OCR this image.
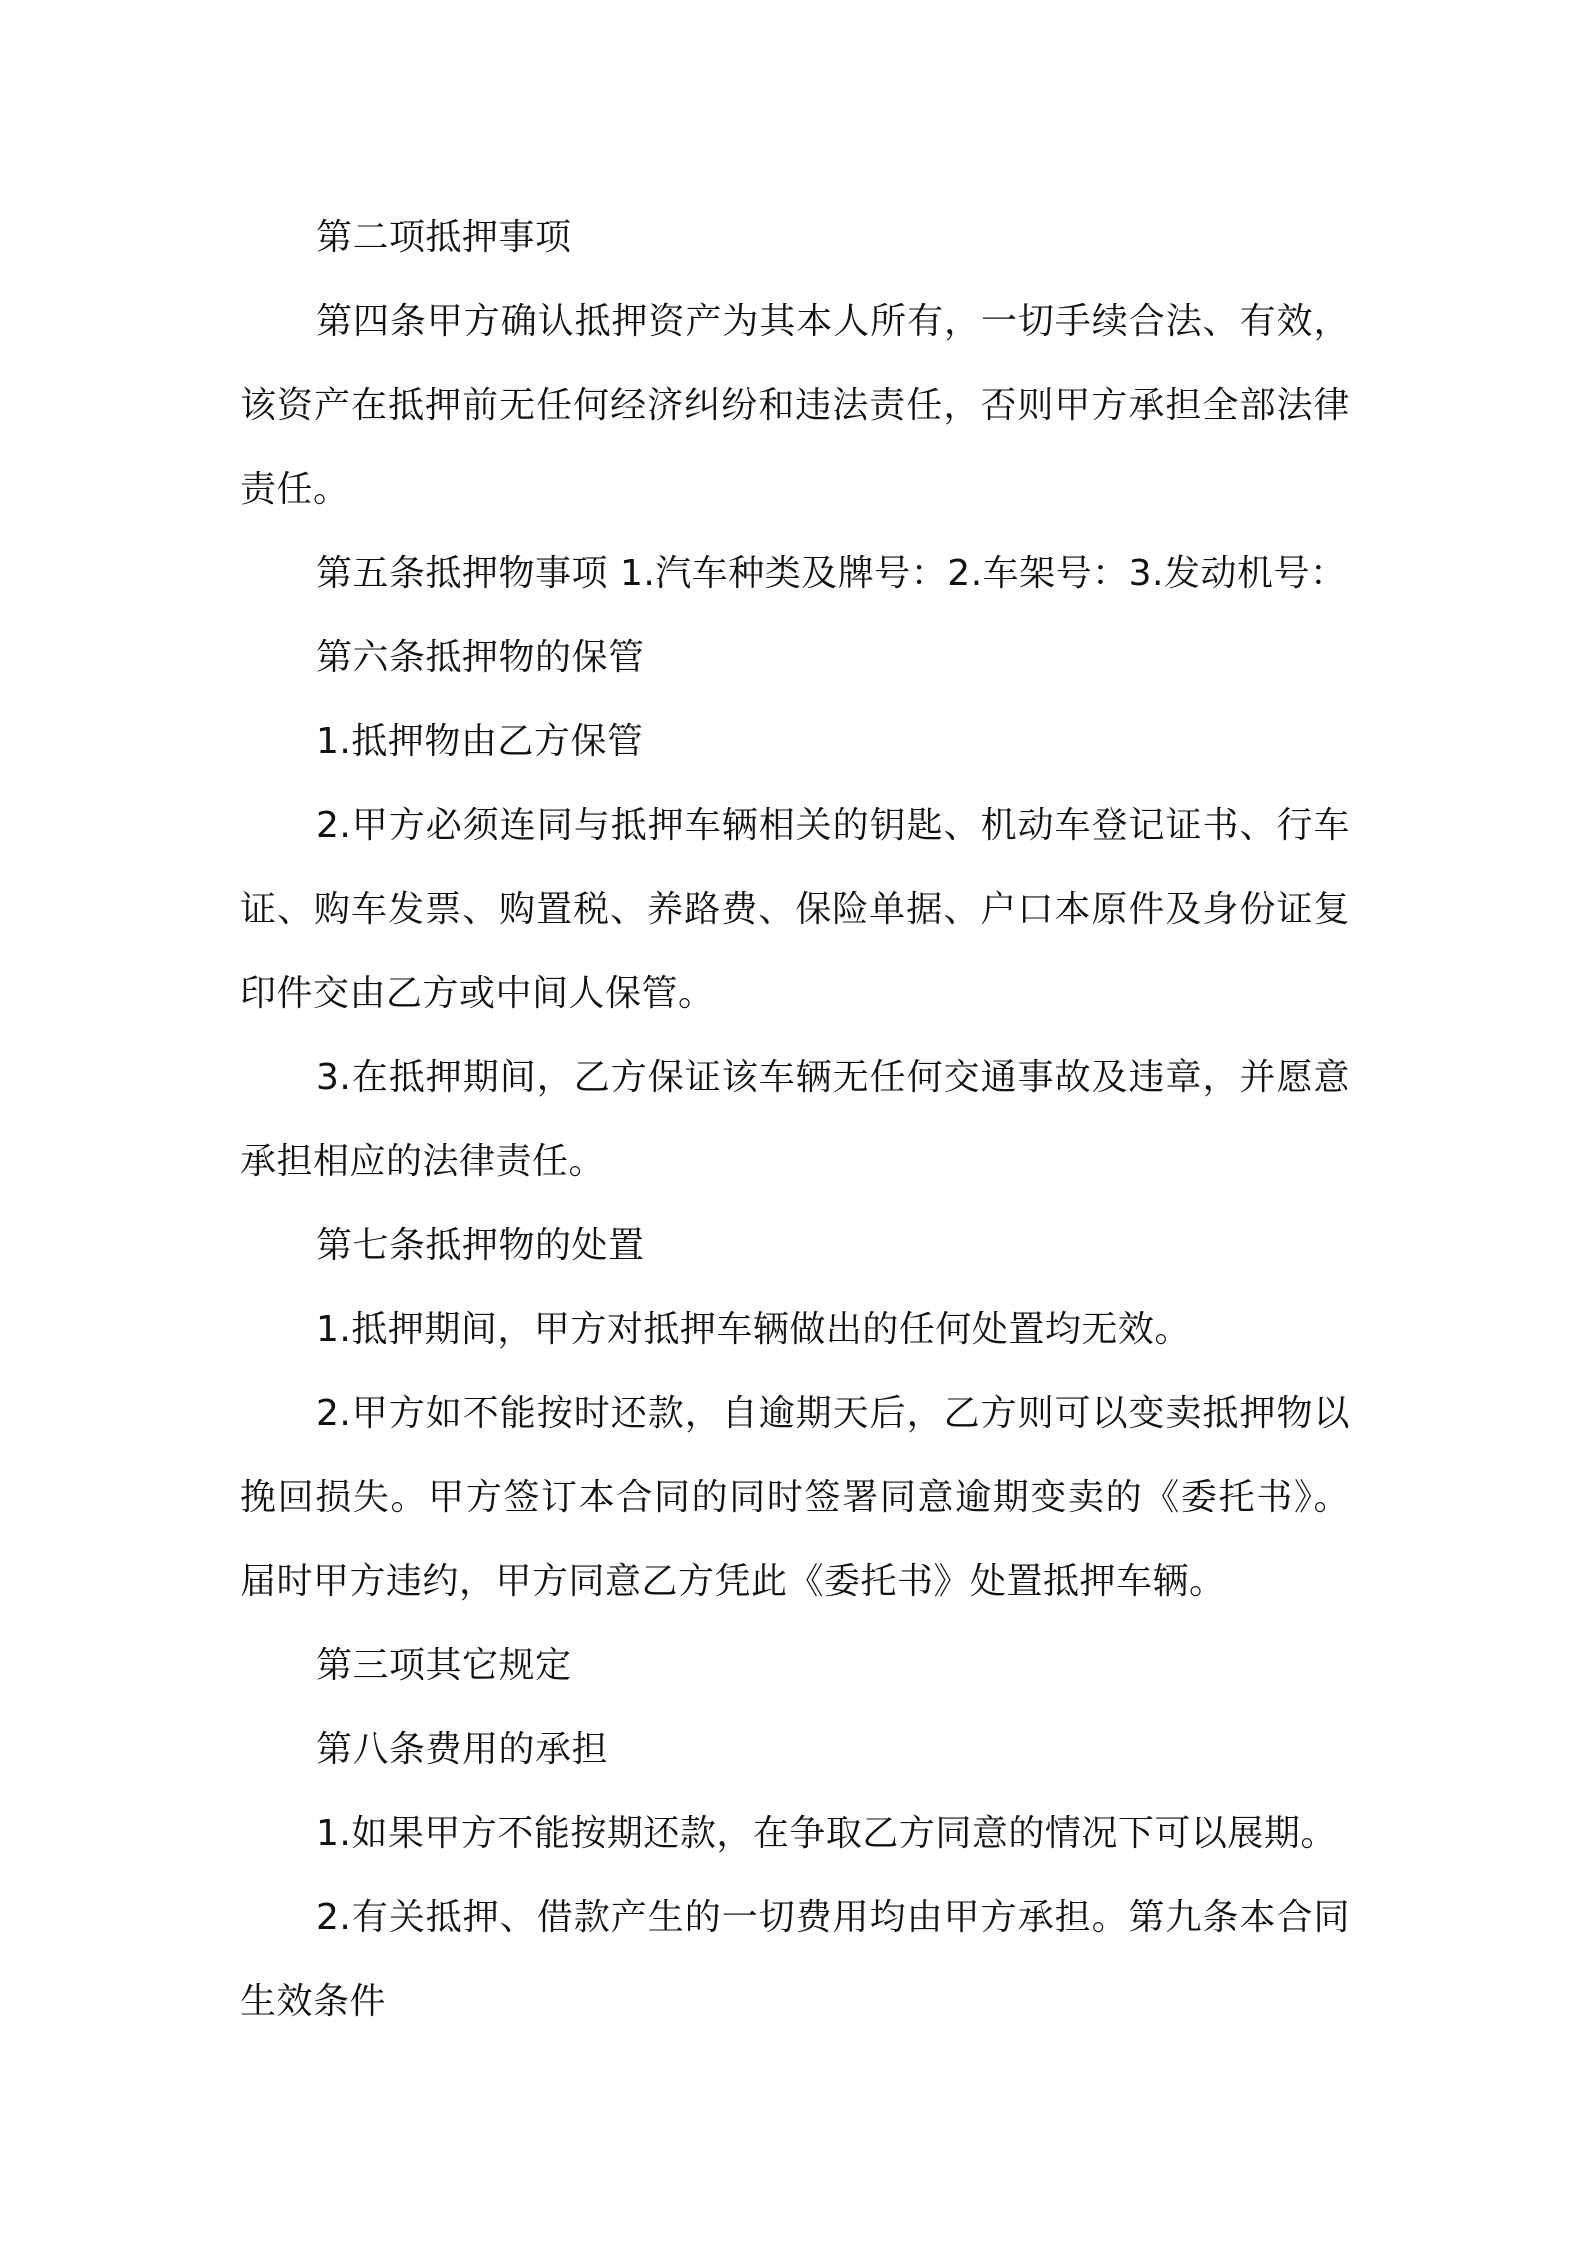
第二项抵押事项

第四条甲方确认抵押资产为其本人所有，一切手续合法、有效，该资产在抵押前无任何经济纠纷和违法责任，否则甲方承担全部法律责任。

第五条抵押物事项 1.汽车种类及牌号：2.车架号：3.发动机号：

第六条抵押物的保管

1.抵押物由乙方保管

2.甲方必须连同与抵押车辆相关的钥匙、机动车登记证书、行车证、购车发票、购置税、养路费、保险单据、户口本原件及身份证复印件交由乙方或中间人保管。

3.在抵押期间，乙方保证该车辆无任何交通事故及违章，并愿意承担相应的法律责任。

第七条抵押物的处置

1.抵押期间，甲方对抵押车辆做出的任何处置均无效。

2.甲方如不能按时还款，自逾期天后，乙方则可以变卖抵押物以挽回损失。甲方签订本合同的同时签署同意逾期变卖的《委托书》。届时甲方违约，甲方同意乙方凭此《委托书》处置抵押车辆。

第三项其它规定

第八条费用的承担

1.如果甲方不能按期还款，在争取乙方同意的情况下可以展期。

2.有关抵押、借款产生的一切费用均由甲方承担。第九条本合同生效条件
